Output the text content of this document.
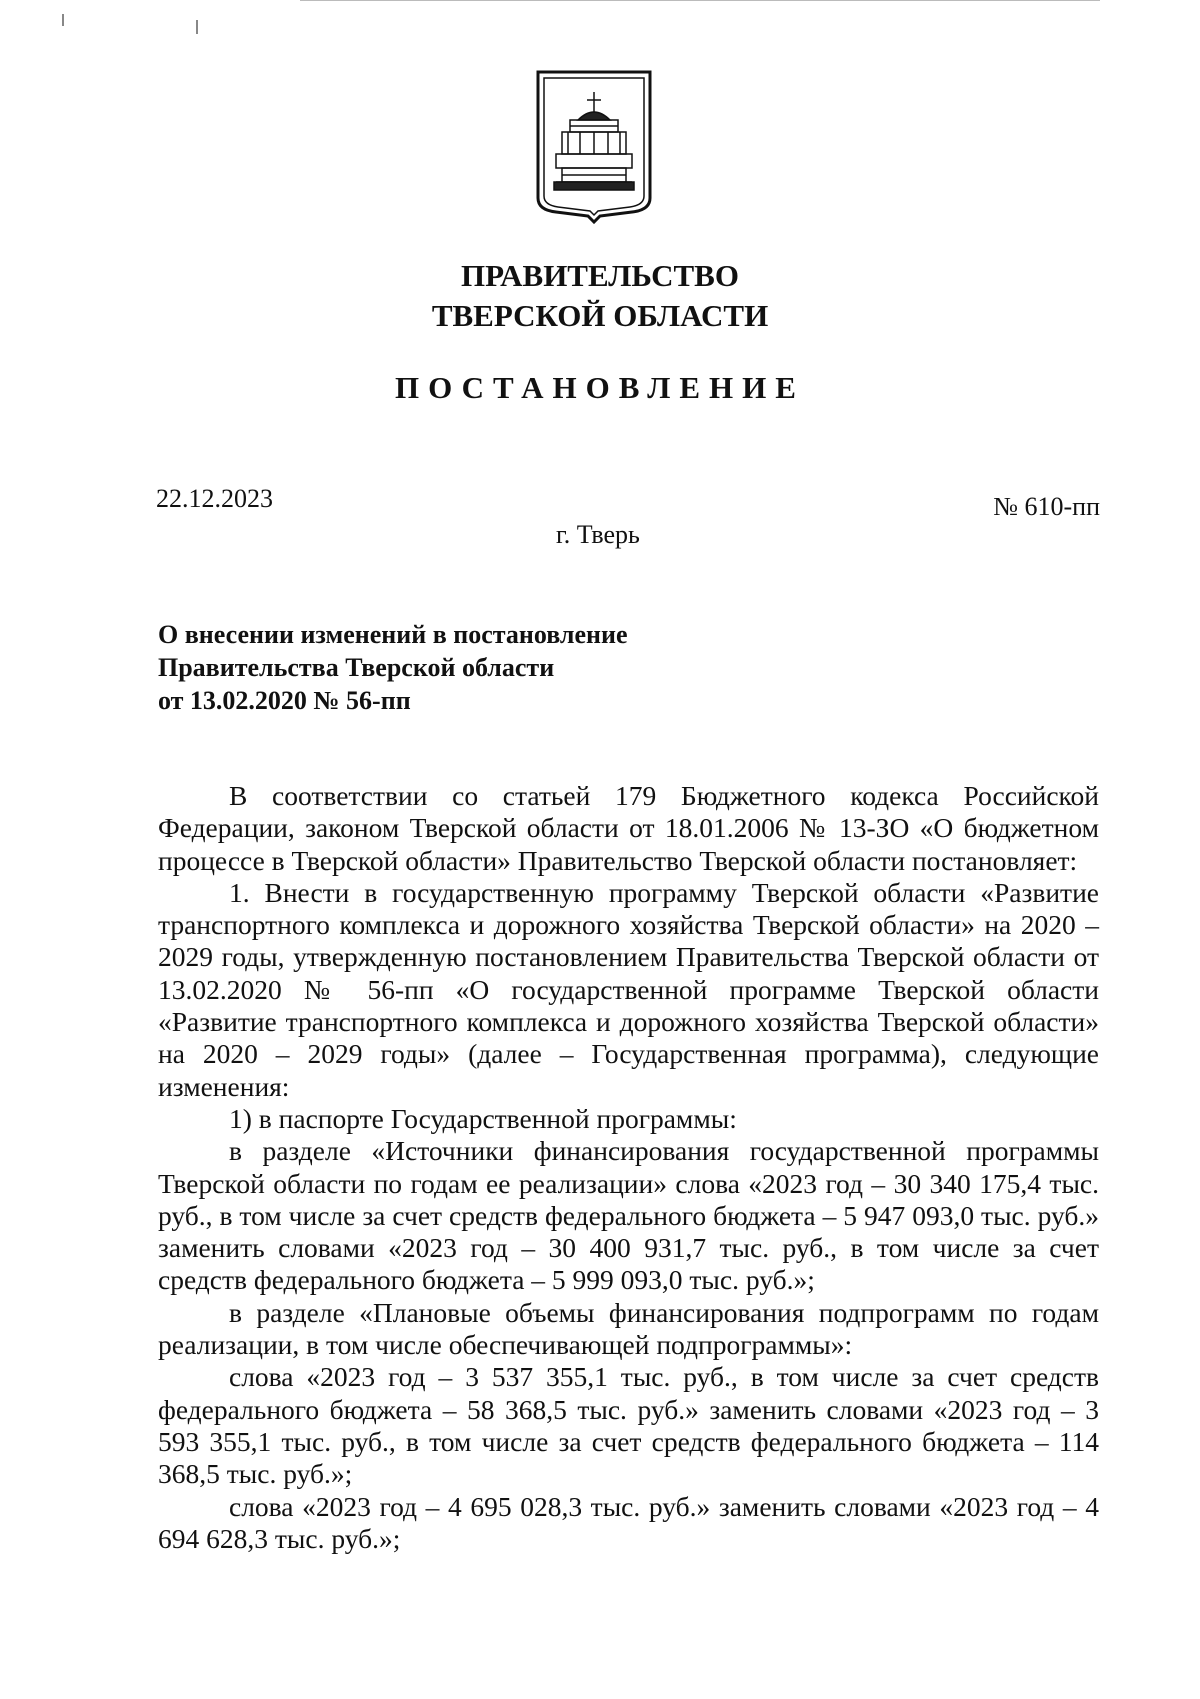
ПРАВИТЕЛЬСТВО
ТВЕРСКОЙ ОБЛАСТИ
ПОСТАНОВЛЕНИЕ
22.12.2023	№ 610-пп
г. Тверь
О внесении изменений в постановление
Правительства Тверской области
от 13.02.2020 № 56-пп

В соответствии со статьей 179 Бюджетного кодекса Российской Федерации, законом Тверской области от 18.01.2006 № 13-ЗО «О бюджетном процессе в Тверской области» Правительство Тверской области постановляет:

1. Внести в государственную программу Тверской области «Развитие транспортного комплекса и дорожного хозяйства Тверской области» на 2020 – 2029 годы, утвержденную постановлением Правительства Тверской области от 13.02.2020 № 56-пп «О государственной программе Тверской области «Развитие транспортного комплекса и дорожного хозяйства Тверской области» на 2020 – 2029 годы» (далее – Государственная программа), следующие изменения:

1) в паспорте Государственной программы:

в разделе «Источники финансирования государственной программы Тверской области по годам ее реализации» слова «2023 год – 30 340 175,4 тыс. руб., в том числе за счет средств федерального бюджета – 5 947 093,0 тыс. руб.» заменить словами «2023 год – 30 400 931,7 тыс. руб., в том числе за счет средств федерального бюджета – 5 999 093,0 тыс. руб.»;

в разделе «Плановые объемы финансирования подпрограмм по годам реализации, в том числе обеспечивающей подпрограммы»:

слова «2023 год – 3 537 355,1 тыс. руб., в том числе за счет средств федерального бюджета – 58 368,5 тыс. руб.» заменить словами «2023 год – 3 593 355,1 тыс. руб., в том числе за счет средств федерального бюджета – 114 368,5 тыс. руб.»;

слова «2023 год – 4 695 028,3 тыс. руб.» заменить словами «2023 год – 4 694 628,3 тыс. руб.»;
